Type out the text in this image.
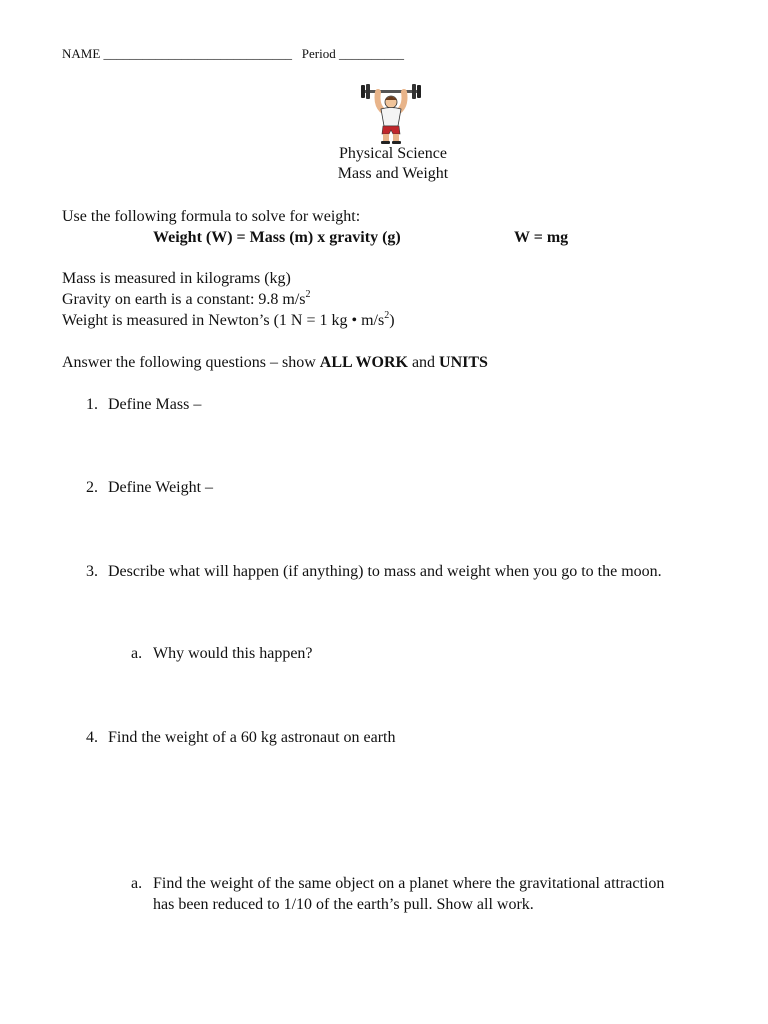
NAME _____________________________ Period __________
Physical Science
Mass and Weight
Use the following formula to solve for weight:
Weight (W) = Mass (m) x gravity (g)	W = mg
Mass is measured in kilograms (kg)
Gravity on earth is a constant: 9.8 $m/s^2$
Weight is measured in Newton’s (1 N = 1 kg • $m/s^2$)
Answer the following questions – show ALL WORK and UNITS
1. Define Mass –
2. Define Weight –
3. Describe what will happen (if anything) to mass and weight when you go to the moon.
a. Why would this happen?
4. Find the weight of a 60 kg astronaut on earth
a. Find the weight of the same object on a planet where the gravitational attraction
has been reduced to 1/10 of the earth’s pull. Show all work.
